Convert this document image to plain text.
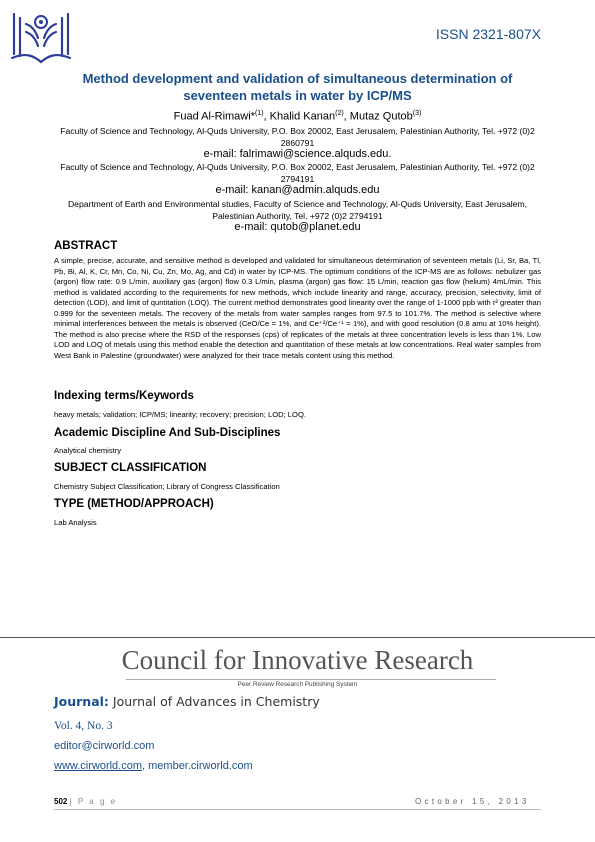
ISSN 2321-807X
Method development and validation of simultaneous determination of seventeen metals in water by ICP/MS
Fuad Al-Rimawi*$^{(1)}$, Khalid Kanan$^{(2)}$, Mutaz Qutob$^{(3)}$
Faculty of Science and Technology, Al-Quds University, P.O. Box 20002, East Jerusalem, Palestinian Authority, Tel. +972 (0)2 2860791
e-mail: falrimawi@science.alquds.edu.
Faculty of Science and Technology, Al-Quds University, P.O. Box 20002, East Jerusalem, Palestinian Authority, Tel. +972 (0)2 2794191
e-mail: kanan@admin.alquds.edu
Department of Earth and Environmental studies, Faculty of Science and Technology, Al-Quds University, East Jerusalem, Palestinian Authority, Tel. +972 (0)2 2794191
e-mail: qutob@planet.edu
ABSTRACT
A simple, precise, accurate, and sensitive method is developed and validated for simultaneous determination of seventeen metals (Li, Sr, Ba, Tl, Pb, Bi, Al, K, Cr, Mn, Co, Ni, Cu, Zn, Mo, Ag, and Cd) in water by ICP-MS. The optimum conditions of the ICP-MS are as follows: nebulizer gas (argon) flow rate: 0.9 L/min, auxiliary gas (argon) flow 0.3 L/min, plasma (argon) gas flow: 15 L/min, reaction gas flow (helium) 4mL/min. This method is validated according to the requirements for new methods, which include linearity and range, accuracy, precision, selectivity, limit of detection (LOD), and limit of quntitation (LOQ). The current method demonstrates good linearity over the range of 1-1000 ppb with r² greater than 0.999 for the seventeen metals. The recovery of the metals from water samples ranges from 97.5 to 101.7%. The method is selective where minimal interferences between the metals is observed (CeO/Ce = 1%, and Ce⁺²/Ce⁺¹ = 1%), and with good resolution (0.8 amu at 10% height). The method is also precise where the RSD of the responses (cps) of replicates of the metals at three concentration levels is less than 1%. Low LOD and LOQ of metals using this method enable the detection and quantitation of these metals at low concentrations. Real water samples from West Bank in Palestine (groundwater) were analyzed for their trace metals content using this method.
Indexing terms/Keywords
heavy metals; validation; ICP/MS; linearity; recovery; precision; LOD; LOQ.
Academic Discipline And Sub-Disciplines
Analytical chemistry
SUBJECT CLASSIFICATION
Chemistry Subject Classification; Library of Congress Classification
TYPE (METHOD/APPROACH)
Lab Analysis
Council for Innovative Research
Peer Review Research Publishing System
Journal: Journal of Advances in Chemistry
Vol. 4, No. 3
editor@cirworld.com
www.cirworld.com, member.cirworld.com
502 | P a g e	October 15, 2013
